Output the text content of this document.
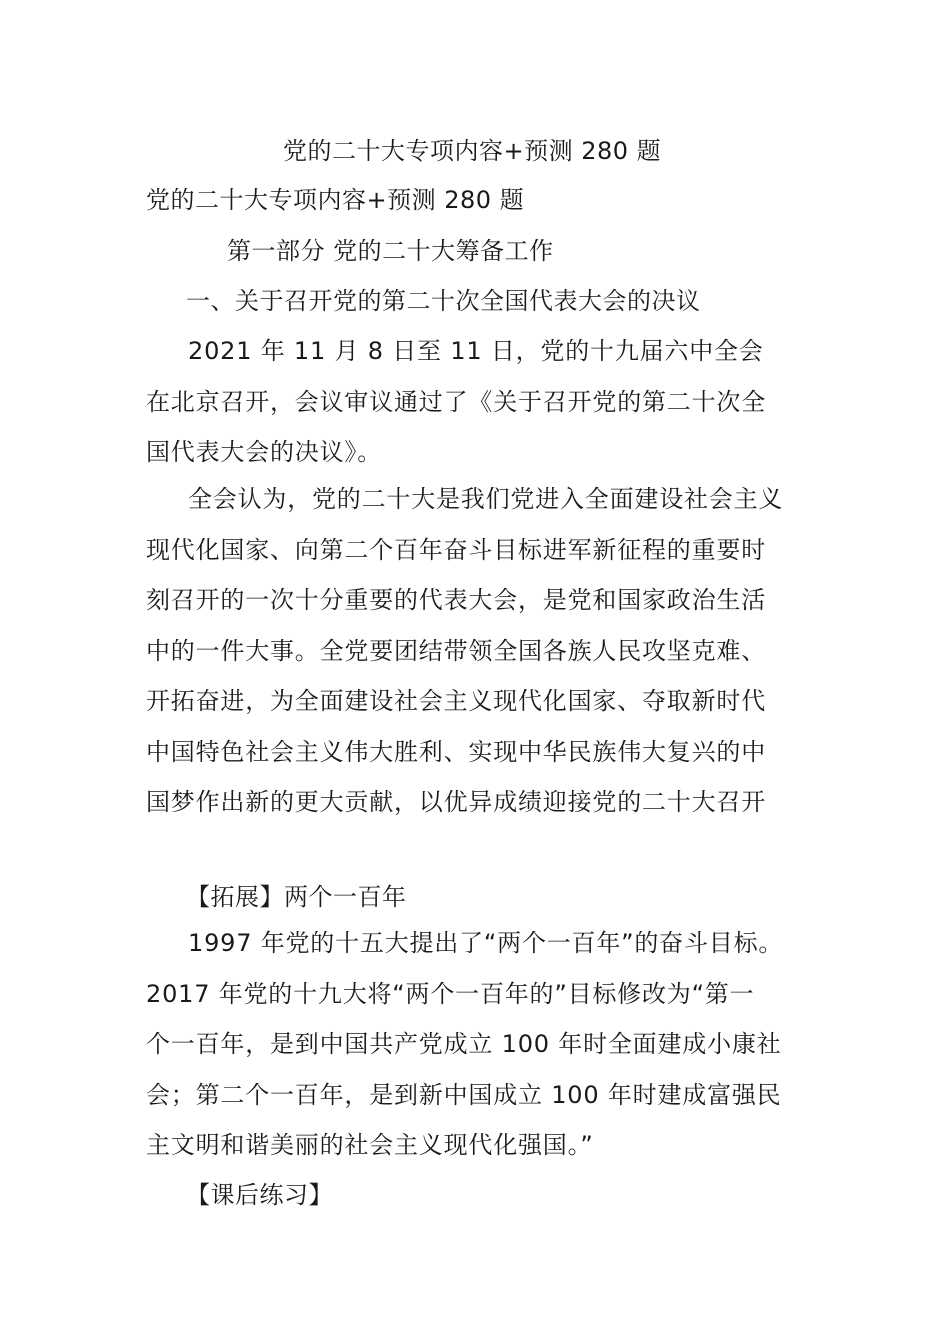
党的二十大专项内容+预测 280 题
党的二十大专项内容+预测 280 题
第一部分 党的二十大筹备工作
一、关于召开党的第二十次全国代表大会的决议
2021 年 11 月 8 日至 11 日，党的十九届六中全会
在北京召开，会议审议通过了《关于召开党的第二十次全
国代表大会的决议》。
全会认为，党的二十大是我们党进入全面建设社会主义
现代化国家、向第二个百年奋斗目标进军新征程的重要时
刻召开的一次十分重要的代表大会，是党和国家政治生活
中的一件大事。全党要团结带领全国各族人民攻坚克难、
开拓奋进，为全面建设社会主义现代化国家、夺取新时代
中国特色社会主义伟大胜利、实现中华民族伟大复兴的中
国梦作出新的更大贡献，以优异成绩迎接党的二十大召开
【拓展】两个一百年
1997 年党的十五大提出了“两个一百年”的奋斗目标。
2017 年党的十九大将“两个一百年的”目标修改为“第一
个一百年，是到中国共产党成立 100 年时全面建成小康社
会；第二个一百年，是到新中国成立 100 年时建成富强民
主文明和谐美丽的社会主义现代化强国。”
【课后练习】
